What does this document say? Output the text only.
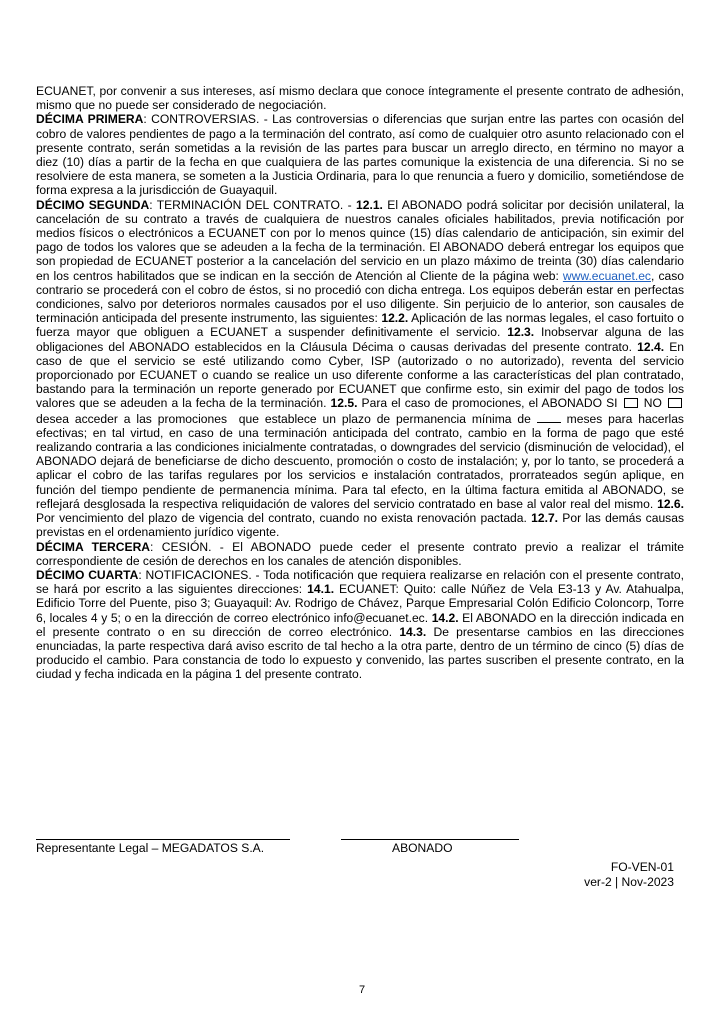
ECUANET, por convenir a sus intereses, así mismo declara que conoce íntegramente el presente contrato de adhesión, mismo que no puede ser considerado de negociación.

DÉCIMA PRIMERA: CONTROVERSIAS. - Las controversias o diferencias que surjan entre las partes con ocasión del cobro de valores pendientes de pago a la terminación del contrato, así como de cualquier otro asunto relacionado con el presente contrato, serán sometidas a la revisión de las partes para buscar un arreglo directo, en término no mayor a diez (10) días a partir de la fecha en que cualquiera de las partes comunique la existencia de una diferencia. Si no se resolviere de esta manera, se someten a la Justicia Ordinaria, para lo que renuncia a fuero y domicilio, sometiéndose de forma expresa a la jurisdicción de Guayaquil.

DÉCIMO SEGUNDA: TERMINACIÓN DEL CONTRATO. - 12.1. El ABONADO podrá solicitar por decisión unilateral, la cancelación de su contrato a través de cualquiera de nuestros canales oficiales habilitados, previa notificación por medios físicos o electrónicos a ECUANET con por lo menos quince (15) días calendario de anticipación, sin eximir del pago de todos los valores que se adeuden a la fecha de la terminación. El ABONADO deberá entregar los equipos que son propiedad de ECUANET posterior a la cancelación del servicio en un plazo máximo de treinta (30) días calendario en los centros habilitados que se indican en la sección de Atención al Cliente de la página web: www.ecuanet.ec, caso contrario se procederá con el cobro de éstos, si no procedió con dicha entrega. Los equipos deberán estar en perfectas condiciones, salvo por deterioros normales causados por el uso diligente. Sin perjuicio de lo anterior, son causales de terminación anticipada del presente instrumento, las siguientes: 12.2. Aplicación de las normas legales, el caso fortuito o fuerza mayor que obliguen a ECUANET a suspender definitivamente el servicio. 12.3. Inobservar alguna de las obligaciones del ABONADO establecidos en la Cláusula Décima o causas derivadas del presente contrato. 12.4. En caso de que el servicio se esté utilizando como Cyber, ISP (autorizado o no autorizado), reventa del servicio proporcionado por ECUANET o cuando se realice un uso diferente conforme a las características del plan contratado, bastando para la terminación un reporte generado por ECUANET que confirme esto, sin eximir del pago de todos los valores que se adeuden a la fecha de la terminación. 12.5. Para el caso de promociones, el ABONADO SI  NO     desea acceder a las promociones  que establece un plazo de permanencia mínima de  meses para hacerlas efectivas; en tal virtud, en caso de una terminación anticipada del contrato, cambio en la forma de pago que esté realizando contraria a las condiciones inicialmente contratadas, o downgrades del servicio (disminución de velocidad), el ABONADO dejará de beneficiarse de dicho descuento, promoción o costo de instalación; y, por lo tanto, se procederá a aplicar el cobro de las tarifas regulares por los servicios e instalación contratados, prorrateados según aplique, en función del tiempo pendiente de permanencia mínima. Para tal efecto, en la última factura emitida al ABONADO, se reflejará desglosada la respectiva reliquidación de valores del servicio contratado en base al valor real del mismo. 12.6. Por vencimiento del plazo de vigencia del contrato, cuando no exista renovación pactada. 12.7. Por las demás causas previstas en el ordenamiento jurídico vigente.

DÉCIMA TERCERA: CESIÓN. - El ABONADO puede ceder el presente contrato previo a realizar el trámite correspondiente de cesión de derechos en los canales de atención disponibles.

DÉCIMO CUARTA: NOTIFICACIONES. - Toda notificación que requiera realizarse en relación con el presente contrato, se hará por escrito a las siguientes direcciones: 14.1. ECUANET: Quito: calle Núñez de Vela E3-13 y Av. Atahualpa, Edificio Torre del Puente, piso 3; Guayaquil: Av. Rodrigo de Chávez, Parque Empresarial Colón Edificio Coloncorp, Torre 6, locales 4 y 5; o en la dirección de correo electrónico info@ecuanet.ec. 14.2. El ABONADO en la dirección indicada en el presente contrato o en su dirección de correo electrónico. 14.3. De presentarse cambios en las direcciones enunciadas, la parte respectiva dará aviso escrito de tal hecho a la otra parte, dentro de un término de cinco (5) días de producido el cambio. Para constancia de todo lo expuesto y convenido, las partes suscriben el presente contrato, en la ciudad y fecha indicada en la página 1 del presente contrato.

Representante Legal – MEGADATOS S.A.	ABONADO
FO-VEN-01
ver-2 | Nov-2023
7
